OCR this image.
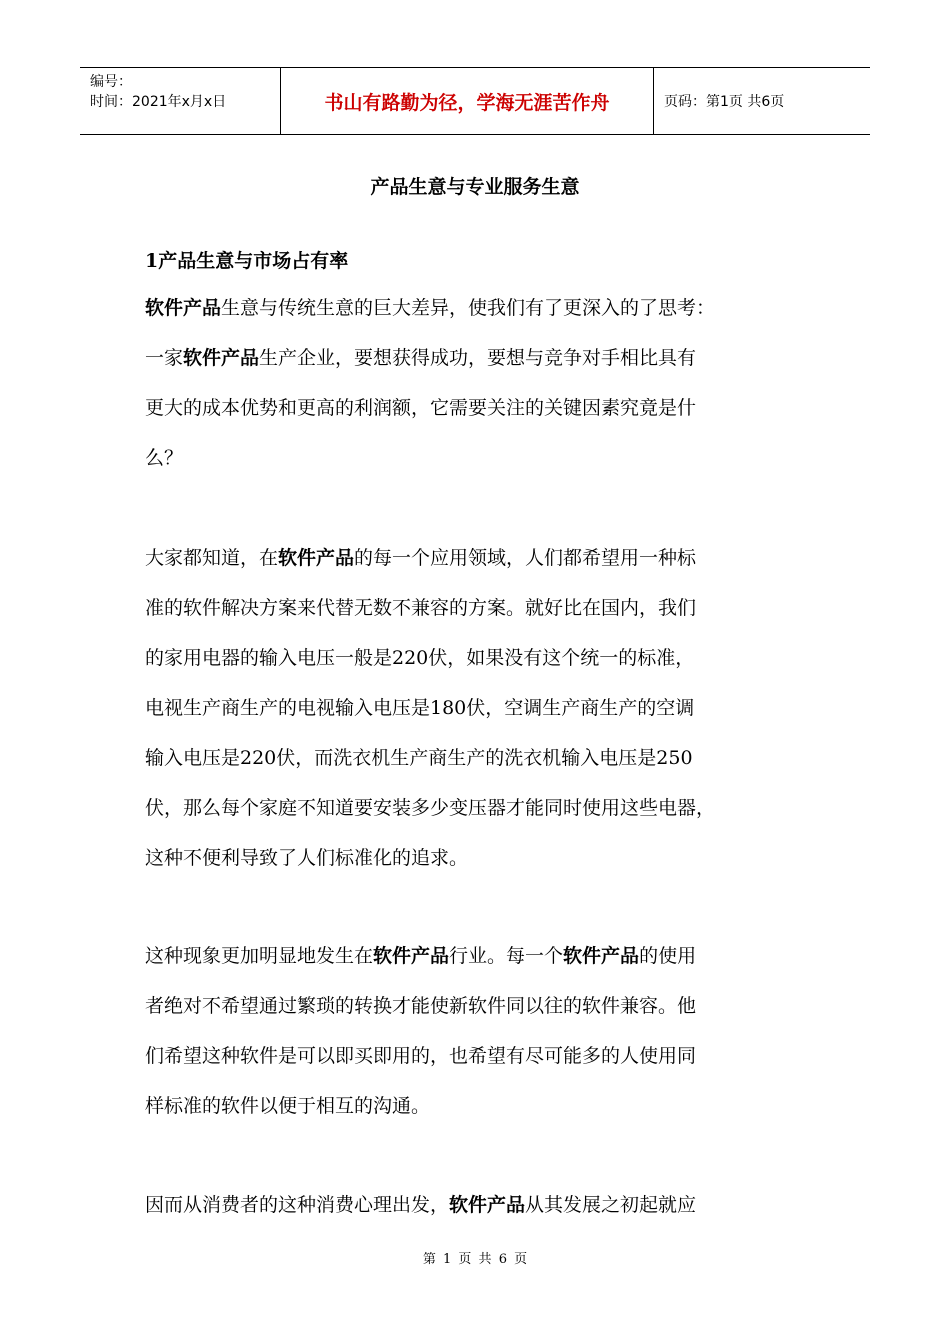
编号：
时间：2021年x月x日	书山有路勤为径，学海无涯苦作舟	页码：第1页 共6页
产品生意与专业服务生意
1产品生意与市场占有率
软件产品生意与传统生意的巨大差异，使我们有了更深入的了思考：
一家软件产品生产企业，要想获得成功，要想与竞争对手相比具有
更大的成本优势和更高的利润额，它需要关注的关键因素究竟是什
么？
大家都知道，在软件产品的每一个应用领域，人们都希望用一种标
准的软件解决方案来代替无数不兼容的方案。就好比在国内，我们
的家用电器的输入电压一般是220伏，如果没有这个统一的标准，
电视生产商生产的电视输入电压是180伏，空调生产商生产的空调
输入电压是220伏，而洗衣机生产商生产的洗衣机输入电压是250
伏，那么每个家庭不知道要安装多少变压器才能同时使用这些电器，
这种不便利导致了人们标准化的追求。
这种现象更加明显地发生在软件产品行业。每一个软件产品的使用
者绝对不希望通过繁琐的转换才能使新软件同以往的软件兼容。他
们希望这种软件是可以即买即用的，也希望有尽可能多的人使用同
样标准的软件以便于相互的沟通。
因而从消费者的这种消费心理出发，软件产品从其发展之初起就应
第 1 页 共 6 页
